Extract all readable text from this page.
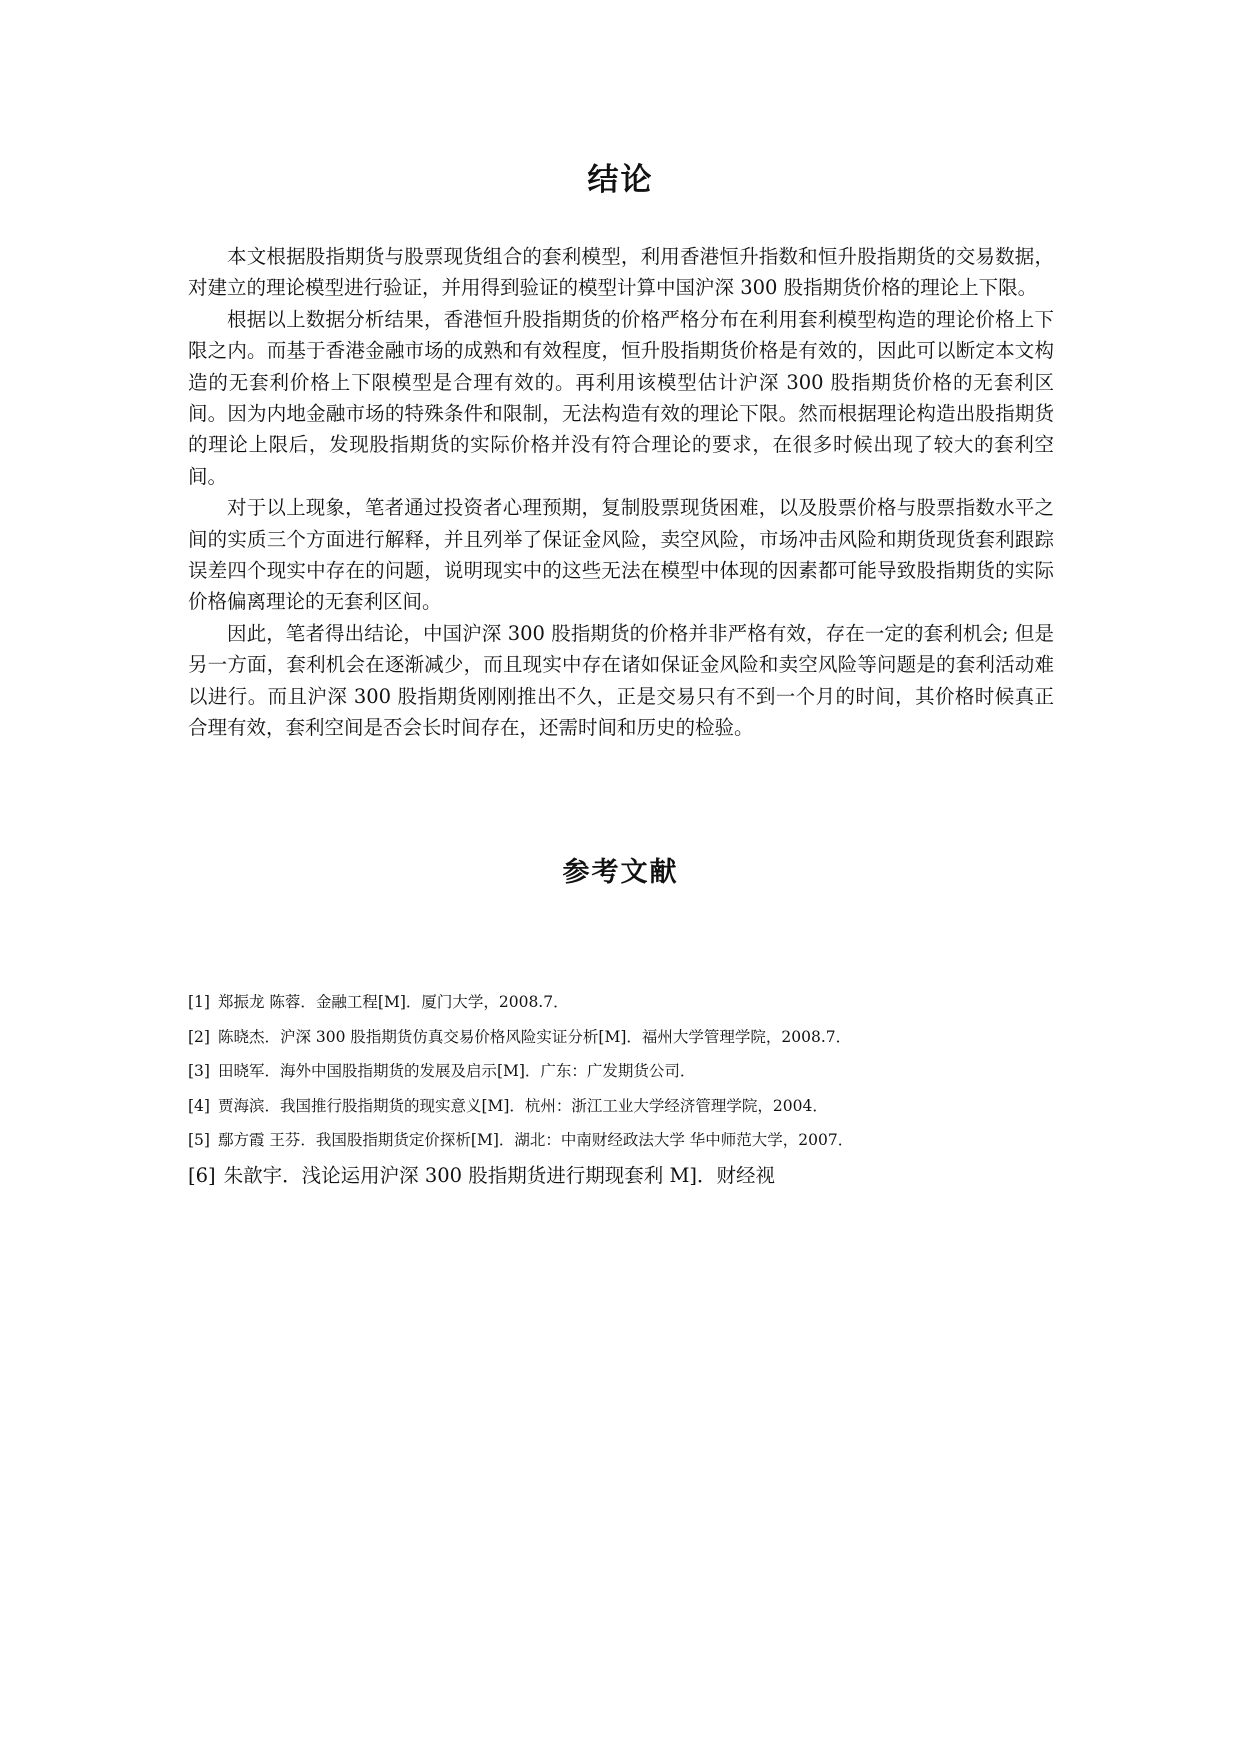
结论

本文根据股指期货与股票现货组合的套利模型，利用香港恒升指数和恒升股指期货的交易数据，对建立的理论模型进行验证，并用得到验证的模型计算中国沪深 300 股指期货价格的理论上下限。

根据以上数据分析结果，香港恒升股指期货的价格严格分布在利用套利模型构造的理论价格上下限之内。而基于香港金融市场的成熟和有效程度，恒升股指期货价格是有效的，因此可以断定本文构造的无套利价格上下限模型是合理有效的。再利用该模型估计沪深 300 股指期货价格的无套利区间。因为内地金融市场的特殊条件和限制，无法构造有效的理论下限。然而根据理论构造出股指期货的理论上限后，发现股指期货的实际价格并没有符合理论的要求，在很多时候出现了较大的套利空间。

对于以上现象，笔者通过投资者心理预期，复制股票现货困难，以及股票价格与股票指数水平之间的实质三个方面进行解释，并且列举了保证金风险，卖空风险，市场冲击风险和期货现货套利跟踪误差四个现实中存在的问题，说明现实中的这些无法在模型中体现的因素都可能导致股指期货的实际价格偏离理论的无套利区间。

因此，笔者得出结论，中国沪深 300 股指期货的价格并非严格有效，存在一定的套利机会; 但是另一方面，套利机会在逐渐减少，而且现实中存在诸如保证金风险和卖空风险等问题是的套利活动难以进行。而且沪深 300 股指期货刚刚推出不久，正是交易只有不到一个月的时间，其价格时候真正合理有效，套利空间是否会长时间存在，还需时间和历史的检验。

参考文献
[1] 郑振龙 陈蓉．金融工程[M]．厦门大学，2008.7．
[2] 陈晓杰．沪深 300 股指期货仿真交易价格风险实证分析[M]．福州大学管理学院，2008.7．
[3] 田晓军．海外中国股指期货的发展及启示[M]．广东：广发期货公司．
[4] 贾海滨．我国推行股指期货的现实意义[M]．杭州：浙江工业大学经济管理学院，2004．
[5] 鄢方霞 王芬．我国股指期货定价探析[M]．湖北：中南财经政法大学 华中师范大学，2007．
[6] 朱歆宇．浅论运用沪深 300 股指期货进行期现套利 M]．财经视
